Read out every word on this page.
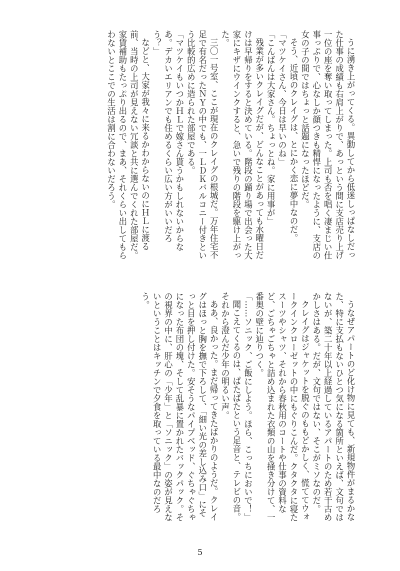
うに湧き上がってくる。異動してから低迷しっぱなしだった仕事の成績も右肩上がりで、あっという間に支店売り上げ一位の座を奪い取ってしまった。上司も否を唱く凄まじい仕事っぷりで、心なしか顔つきも精悍になったように、支店の女の子の間ではちょっと話題になったほどだ。

そう、近頃のクレイグは、とにかく恋に夢中なのだ。

「マツケイさん、今日は早いのね」

「こんばんは大家さん。ちょっとね。家に用事が」

残業が多いクレイグだが、どんなことがあっても水曜日だけは早帰りをすると決めている。階段の踊り場で出会った大家にキザにウインクすると、急いで残りの階段を駆け上がった。

三〇一号室、ここが現在のクレイグの根城だ。万年住宅不足で有名だったＮＹの中でも、一ＬＤＫバルコニー付きという比較的広めに造られた部屋である。

「マツケイもいつかＨＬで嫁さん貰うかもしれないからなあ。デカいエリアンでも住めるくらい広い方がいいだろう？」

などと、大家が我々に来るかわからないのにＨＬに渡る前、当時の上司が見えない冗談と共に選んでくれた部屋だ。家賃補助もたっぷり出るので、まあ、それくらい出してもらわないとここでの生活は割に合わないだろう。

うなぜアパートのど化け物に見ても、新規物件がまるかなた、特に支払もないひとつ気になる箇所といえば、文句ではないが、築二十年以上経過しているアパートのため若干古めかしさはある。だが、文句ではない、そこがミソなのだ。

クレイグはジャケットを脱ぐのももどかしく、慌ててウォークインクローゼットの中にもぐりこんだ。クタクタに寝たスーツやシャツ、それから春秋用のコートや仕事の資料など、ごちゃごちゃと詰め込まれた衣類の山を掻き分けて、一番奥の壁に辿りつく。

「……ソニック、ご飯にしよう。ほら、こっちにおいで！」

聞こえてくるのは、ぱたぱたという足音と、テレビの音。それから澄んだ少年の明るい声。

ああ、良かった。まだ帰ってきたばかりのようだ。クレイグはほっと胸を撫で下ろして、「細い光の差し込み口」にそっと目を押し付けた。安そうなパイプベッド、ぐちゃぐちゃになった布団の塊、そして乱暴に置かれたバックパック。その視界の中に、肝心の「少年」と「ソニック」の姿が見えないということはキッチンで夕食を取っている最中なのだろう。

5
